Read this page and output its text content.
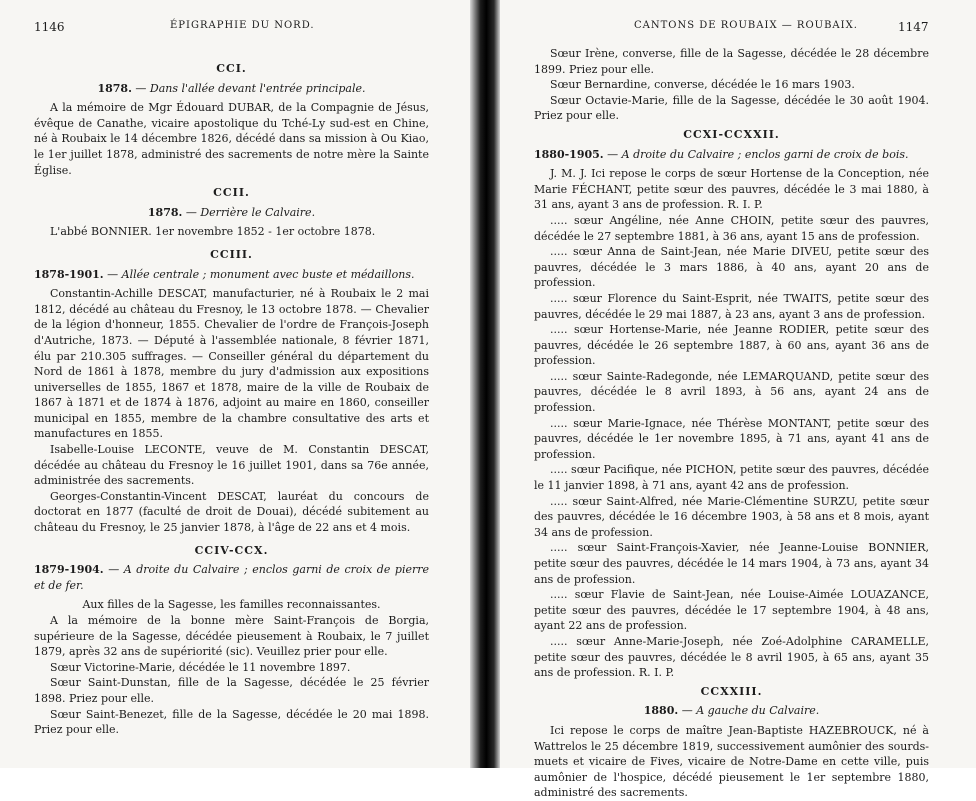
1146	ÉPIGRAPHIE DU NORD.
CCI.
1878. — Dans l'allée devant l'entrée principale.

A la mémoire de Mgr Édouard DUBAR, de la Compagnie de Jésus, évêque de Canathe, vicaire apostolique du Tché-Ly sud-est en Chine, né à Roubaix le 14 décembre 1826, décédé dans sa mission à Ou Kiao, le 1er juillet 1878, administré des sacrements de notre mère la Sainte Église.

CCII.
1878. — Derrière le Calvaire.

L'abbé BONNIER. 1er novembre 1852 - 1er octobre 1878.

CCIII.
1878-1901. — Allée centrale ; monument avec buste et médaillons.

Constantin-Achille DESCAT, manufacturier, né à Roubaix le 2 mai 1812, décédé au château du Fresnoy, le 13 octobre 1878. — Chevalier de la légion d'honneur, 1855. Chevalier de l'ordre de François-Joseph d'Autriche, 1873. — Député à l'assemblée nationale, 8 février 1871, élu par 210.305 suffrages. — Conseiller général du département du Nord de 1861 à 1878, membre du jury d'admission aux expositions universelles de 1855, 1867 et 1878, maire de la ville de Roubaix de 1867 à 1871 et de 1874 à 1876, adjoint au maire en 1860, conseiller municipal en 1855, membre de la chambre consultative des arts et manufactures en 1855.

Isabelle-Louise LECONTE, veuve de M. Constantin DESCAT, décédée au château du Fresnoy le 16 juillet 1901, dans sa 76e année, administrée des sacrements.

Georges-Constantin-Vincent DESCAT, lauréat du concours de doctorat en 1877 (faculté de droit de Douai), décédé subitement au château du Fresnoy, le 25 janvier 1878, à l'âge de 22 ans et 4 mois.

CCIV-CCX.
1879-1904. — A droite du Calvaire ; enclos garni de croix de pierre et de fer.

Aux filles de la Sagesse, les familles reconnaissantes.

A la mémoire de la bonne mère Saint-François de Borgia, supérieure de la Sagesse, décédée pieusement à Roubaix, le 7 juillet 1879, après 32 ans de supériorité (sic). Veuillez prier pour elle.

Sœur Victorine-Marie, décédée le 11 novembre 1897.

Sœur Saint-Dunstan, fille de la Sagesse, décédée le 25 février 1898. Priez pour elle.

Sœur Saint-Benezet, fille de la Sagesse, décédée le 20 mai 1898. Priez pour elle.

CANTONS DE ROUBAIX — ROUBAIX.	1147

Sœur Irène, converse, fille de la Sagesse, décédée le 28 décembre 1899. Priez pour elle.

Sœur Bernardine, converse, décédée le 16 mars 1903.

Sœur Octavie-Marie, fille de la Sagesse, décédée le 30 août 1904. Priez pour elle.

CCXI-CCXXII.
1880-1905. — A droite du Calvaire ; enclos garni de croix de bois.

J. M. J. Ici repose le corps de sœur Hortense de la Conception, née Marie FÉCHANT, petite sœur des pauvres, décédée le 3 mai 1880, à 31 ans, ayant 3 ans de profession. R. I. P.

..... sœur Angéline, née Anne CHOIN, petite sœur des pauvres, décédée le 27 septembre 1881, à 36 ans, ayant 15 ans de profession.

..... sœur Anna de Saint-Jean, née Marie DIVEU, petite sœur des pauvres, décédée le 3 mars 1886, à 40 ans, ayant 20 ans de profession.

..... sœur Florence du Saint-Esprit, née TWAITS, petite sœur des pauvres, décédée le 29 mai 1887, à 23 ans, ayant 3 ans de profession.

..... sœur Hortense-Marie, née Jeanne RODIER, petite sœur des pauvres, décédée le 26 septembre 1887, à 60 ans, ayant 36 ans de profession.

..... sœur Sainte-Radegonde, née LEMARQUAND, petite sœur des pauvres, décédée le 8 avril 1893, à 56 ans, ayant 24 ans de profession.

..... sœur Marie-Ignace, née Thérèse MONTANT, petite sœur des pauvres, décédée le 1er novembre 1895, à 71 ans, ayant 41 ans de profession.

..... sœur Pacifique, née PICHON, petite sœur des pauvres, décédée le 11 janvier 1898, à 71 ans, ayant 42 ans de profession.

..... sœur Saint-Alfred, née Marie-Clémentine SURZU, petite sœur des pauvres, décédée le 16 décembre 1903, à 58 ans et 8 mois, ayant 34 ans de profession.

..... sœur Saint-François-Xavier, née Jeanne-Louise BONNIER, petite sœur des pauvres, décédée le 14 mars 1904, à 73 ans, ayant 34 ans de profession.

..... sœur Flavie de Saint-Jean, née Louise-Aimée LOUAZANCE, petite sœur des pauvres, décédée le 17 septembre 1904, à 48 ans, ayant 22 ans de profession.

..... sœur Anne-Marie-Joseph, née Zoé-Adolphine CARAMELLE, petite sœur des pauvres, décédée le 8 avril 1905, à 65 ans, ayant 35 ans de profession. R. I. P.

CCXXIII.
1880. — A gauche du Calvaire.

Ici repose le corps de maître Jean-Baptiste HAZEBROUCK, né à Wattrelos le 25 décembre 1819, successivement aumônier des sourds-muets et vicaire de Fives, vicaire de Notre-Dame en cette ville, puis aumônier de l'hospice, décédé pieusement le 1er septembre 1880, administré des sacrements.
